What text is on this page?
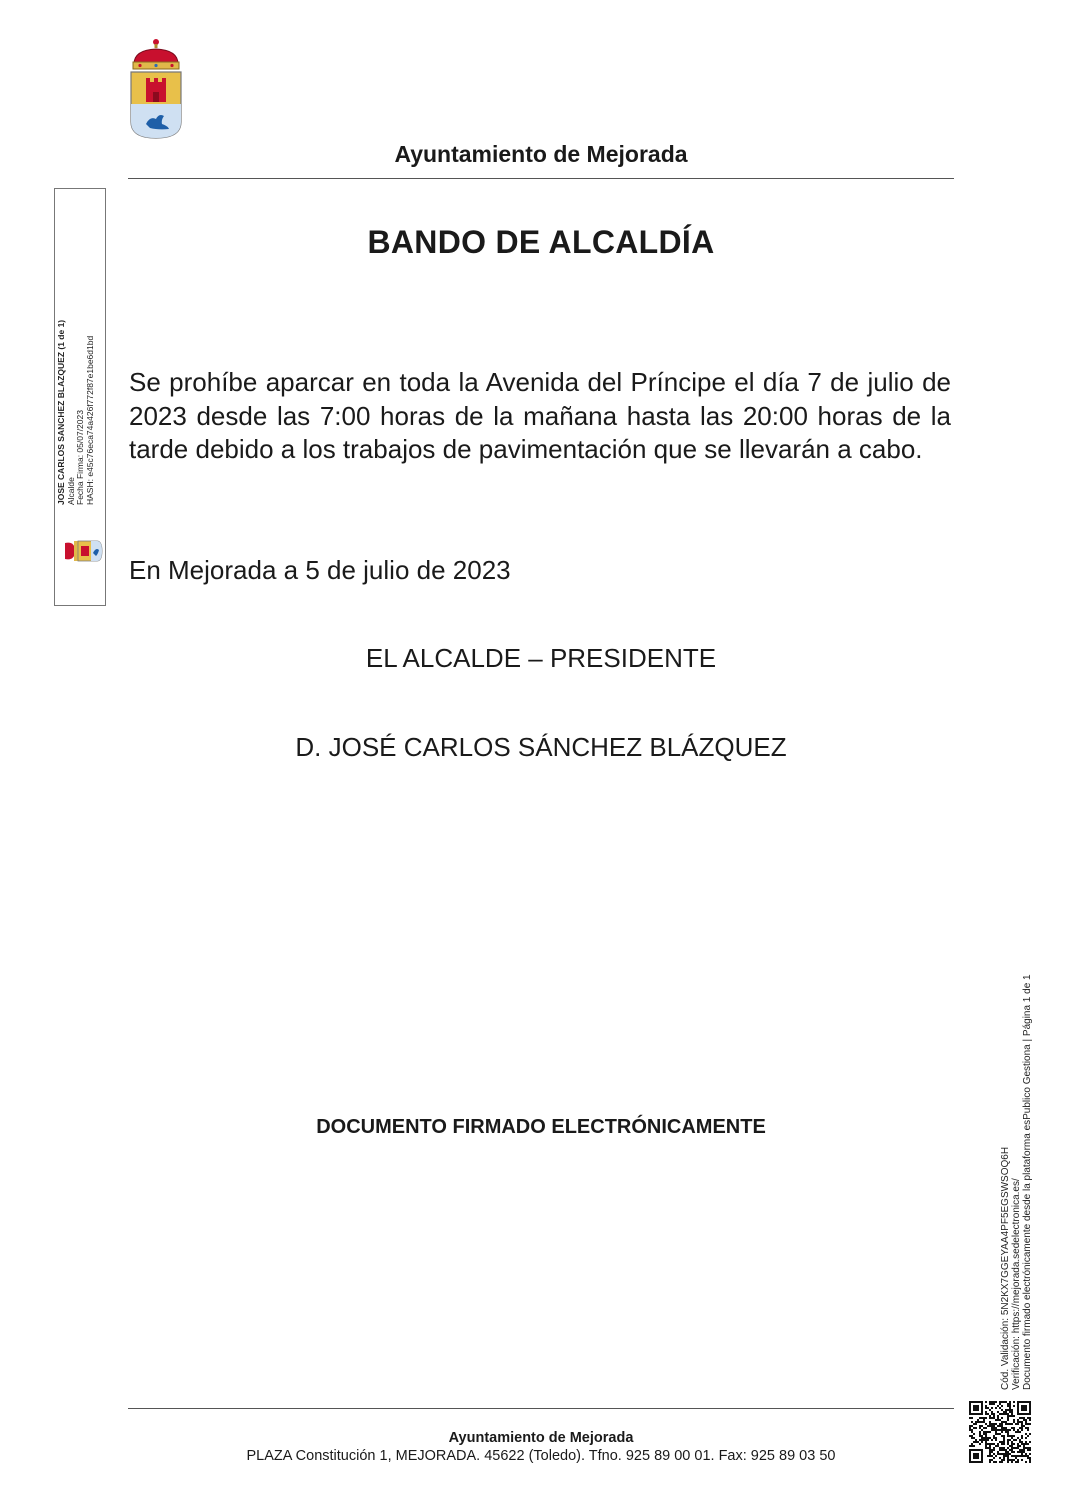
Ayuntamiento de Mejorada
JOSE CARLOS SANCHEZ BLAZQUEZ (1 de 1) Alcalde Fecha Firma: 05/07/2023 HASH: e45c76eca74a426f772f87e1be6d1bd
BANDO DE ALCALDÍA
Se prohíbe aparcar en toda la Avenida del Príncipe el día 7 de julio de 2023 desde las 7:00 horas de la mañana hasta las 20:00 horas de la tarde debido a los trabajos de pavimentación que se llevarán a cabo.
En Mejorada a 5 de julio de 2023
EL ALCALDE – PRESIDENTE
D. JOSÉ CARLOS SÁNCHEZ BLÁZQUEZ
DOCUMENTO FIRMADO ELECTRÓNICAMENTE
Cód. Validación: 5N2KX7GGEYAA4PF5EGSWSOQ6H Verificación: https://mejorada.sedelectronica.es/ Documento firmado electrónicamente desde la plataforma esPublico Gestiona | Página 1 de 1
Ayuntamiento de Mejorada
PLAZA Constitución 1, MEJORADA. 45622 (Toledo). Tfno. 925 89 00 01. Fax: 925 89 03 50
